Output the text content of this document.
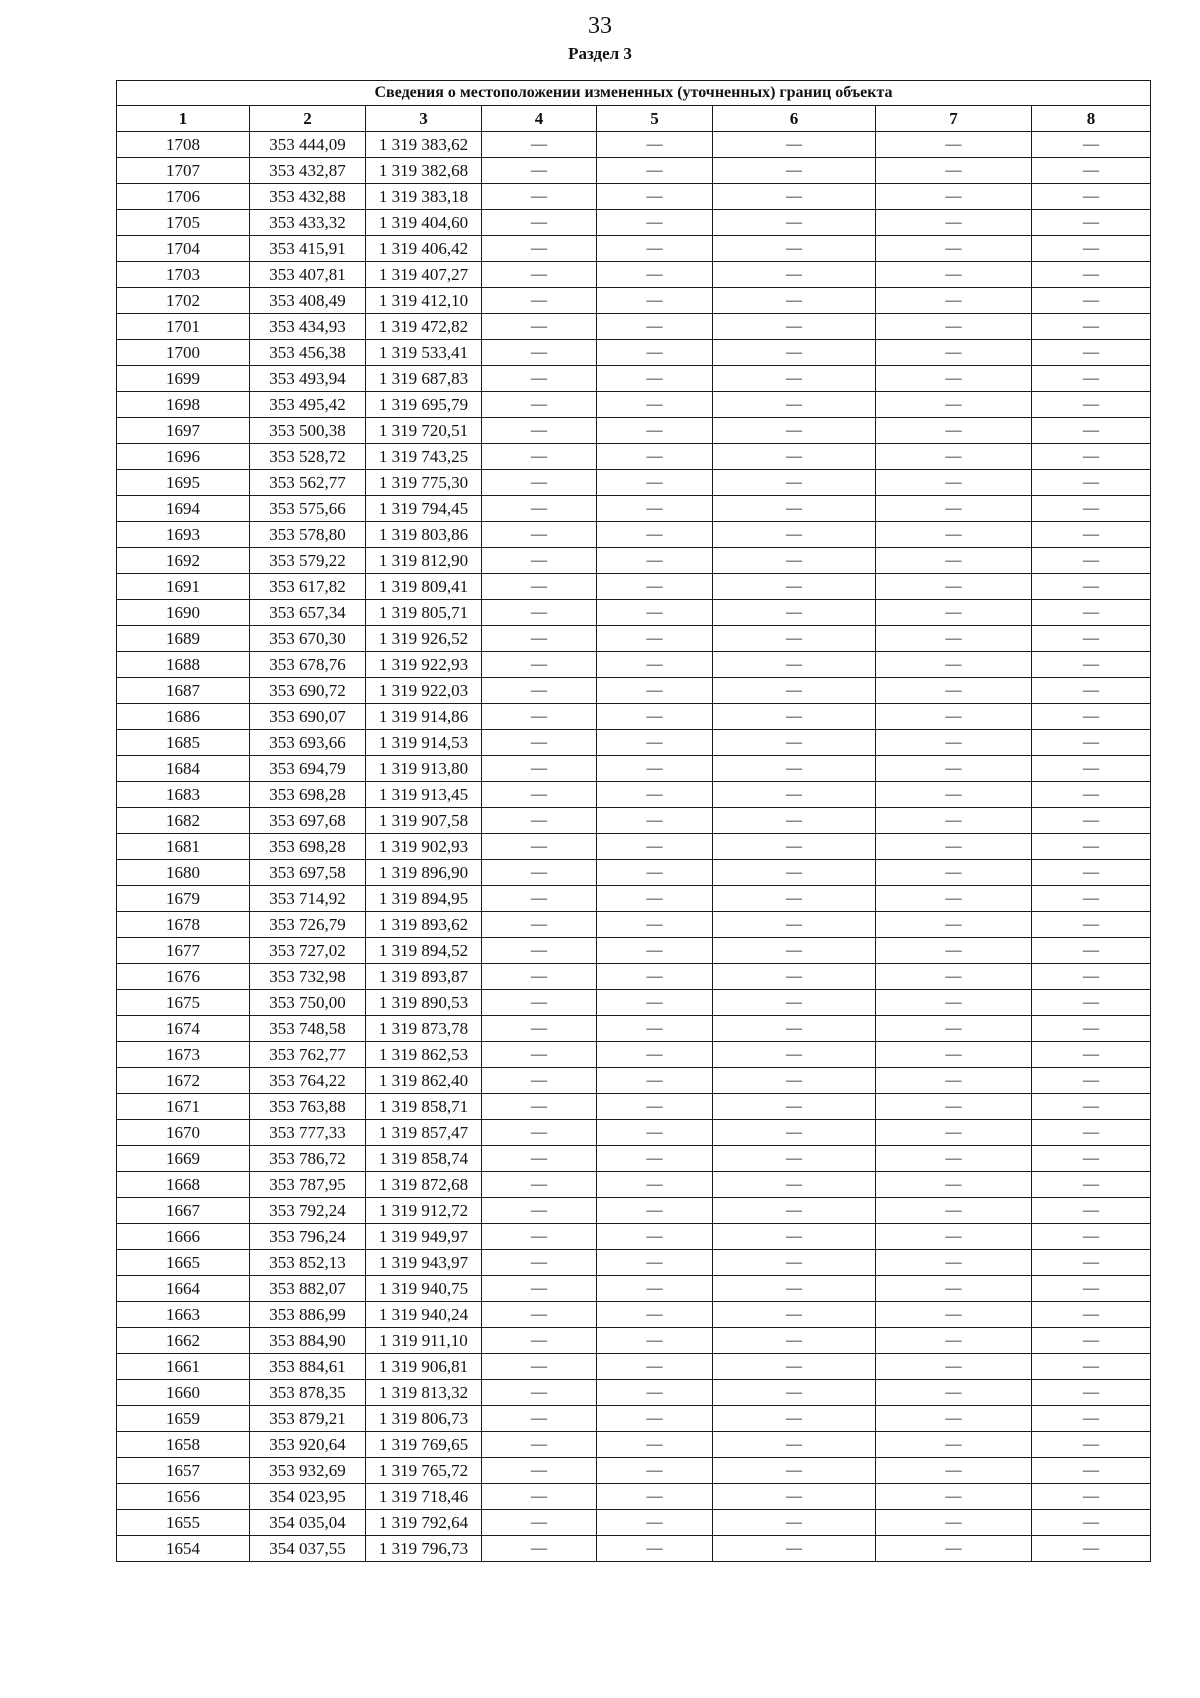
33
Раздел 3
Сведения о местоположении измененных (уточненных) границ объекта							
1	2	3	4	5	6	7	8
1708	353 444,09	1 319 383,62	—	—	—	—	—
1707	353 432,87	1 319 382,68	—	—	—	—	—
1706	353 432,88	1 319 383,18	—	—	—	—	—
1705	353 433,32	1 319 404,60	—	—	—	—	—
1704	353 415,91	1 319 406,42	—	—	—	—	—
1703	353 407,81	1 319 407,27	—	—	—	—	—
1702	353 408,49	1 319 412,10	—	—	—	—	—
1701	353 434,93	1 319 472,82	—	—	—	—	—
1700	353 456,38	1 319 533,41	—	—	—	—	—
1699	353 493,94	1 319 687,83	—	—	—	—	—
1698	353 495,42	1 319 695,79	—	—	—	—	—
1697	353 500,38	1 319 720,51	—	—	—	—	—
1696	353 528,72	1 319 743,25	—	—	—	—	—
1695	353 562,77	1 319 775,30	—	—	—	—	—
1694	353 575,66	1 319 794,45	—	—	—	—	—
1693	353 578,80	1 319 803,86	—	—	—	—	—
1692	353 579,22	1 319 812,90	—	—	—	—	—
1691	353 617,82	1 319 809,41	—	—	—	—	—
1690	353 657,34	1 319 805,71	—	—	—	—	—
1689	353 670,30	1 319 926,52	—	—	—	—	—
1688	353 678,76	1 319 922,93	—	—	—	—	—
1687	353 690,72	1 319 922,03	—	—	—	—	—
1686	353 690,07	1 319 914,86	—	—	—	—	—
1685	353 693,66	1 319 914,53	—	—	—	—	—
1684	353 694,79	1 319 913,80	—	—	—	—	—
1683	353 698,28	1 319 913,45	—	—	—	—	—
1682	353 697,68	1 319 907,58	—	—	—	—	—
1681	353 698,28	1 319 902,93	—	—	—	—	—
1680	353 697,58	1 319 896,90	—	—	—	—	—
1679	353 714,92	1 319 894,95	—	—	—	—	—
1678	353 726,79	1 319 893,62	—	—	—	—	—
1677	353 727,02	1 319 894,52	—	—	—	—	—
1676	353 732,98	1 319 893,87	—	—	—	—	—
1675	353 750,00	1 319 890,53	—	—	—	—	—
1674	353 748,58	1 319 873,78	—	—	—	—	—
1673	353 762,77	1 319 862,53	—	—	—	—	—
1672	353 764,22	1 319 862,40	—	—	—	—	—
1671	353 763,88	1 319 858,71	—	—	—	—	—
1670	353 777,33	1 319 857,47	—	—	—	—	—
1669	353 786,72	1 319 858,74	—	—	—	—	—
1668	353 787,95	1 319 872,68	—	—	—	—	—
1667	353 792,24	1 319 912,72	—	—	—	—	—
1666	353 796,24	1 319 949,97	—	—	—	—	—
1665	353 852,13	1 319 943,97	—	—	—	—	—
1664	353 882,07	1 319 940,75	—	—	—	—	—
1663	353 886,99	1 319 940,24	—	—	—	—	—
1662	353 884,90	1 319 911,10	—	—	—	—	—
1661	353 884,61	1 319 906,81	—	—	—	—	—
1660	353 878,35	1 319 813,32	—	—	—	—	—
1659	353 879,21	1 319 806,73	—	—	—	—	—
1658	353 920,64	1 319 769,65	—	—	—	—	—
1657	353 932,69	1 319 765,72	—	—	—	—	—
1656	354 023,95	1 319 718,46	—	—	—	—	—
1655	354 035,04	1 319 792,64	—	—	—	—	—
1654	354 037,55	1 319 796,73	—	—	—	—	—
